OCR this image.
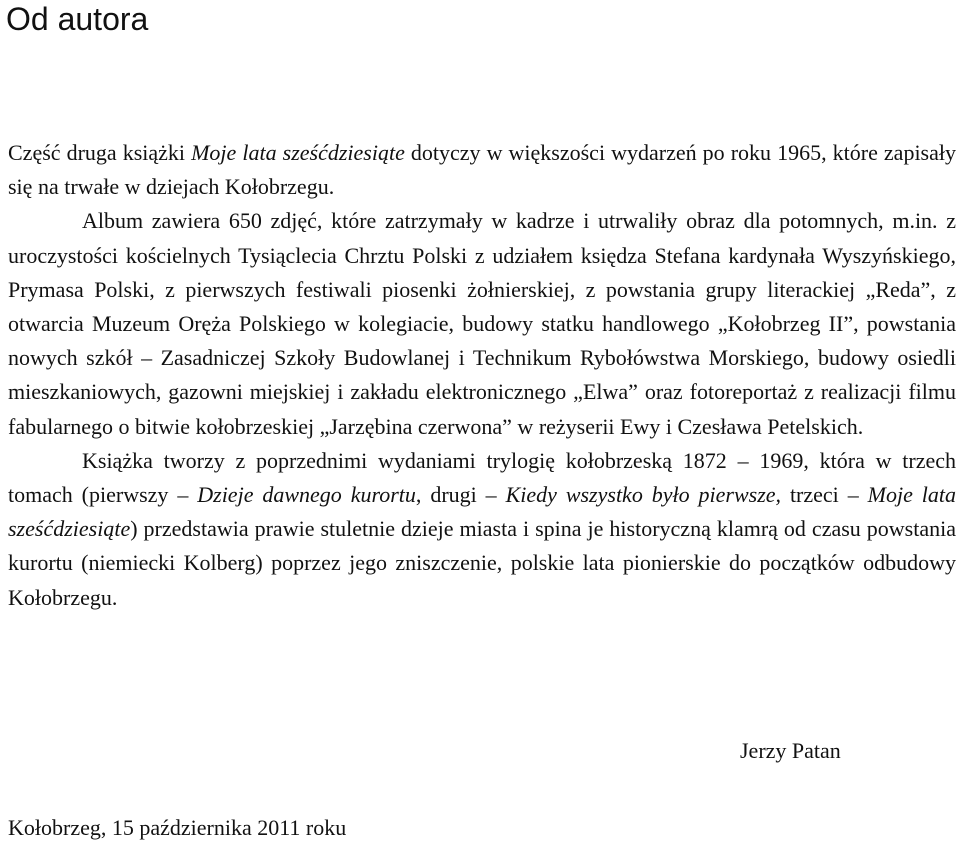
Od autora

Część druga książki Moje lata sześćdziesiąte dotyczy w większości wydarzeń po roku 1965, które zapisały się na trwałe w dziejach Kołobrzegu.

Album zawiera 650 zdjęć, które zatrzymały w kadrze i utrwaliły obraz dla potomnych, m.in. z uroczystości kościelnych Tysiąclecia Chrztu Polski z udziałem księdza Stefana kardynała Wyszyńskiego, Prymasa Polski, z pierwszych festiwali piosenki żołnierskiej, z powstania grupy literackiej „Reda”, z otwarcia Muzeum Oręża Polskiego w kolegiacie, budowy statku handlowego „Kołobrzeg II”, powstania nowych szkół – Zasadniczej Szkoły Budowlanej i Technikum Rybołówstwa Morskiego, budowy osiedli mieszkaniowych, gazowni miejskiej i zakładu elektronicznego „Elwa” oraz fotoreportaż z realizacji filmu fabularnego o bitwie kołobrzeskiej „Jarzębina czerwona” w reżyserii Ewy i Czesława Petelskich.

Książka tworzy z poprzednimi wydaniami trylogię kołobrzeską 1872 – 1969, która w trzech tomach (pierwszy – Dzieje dawnego kurortu, drugi – Kiedy wszystko było pierwsze, trzeci – Moje lata sześćdziesiąte) przedstawia prawie stuletnie dzieje miasta i spina je historyczną klamrą od czasu powstania kurortu (niemiecki Kolberg) poprzez jego zniszczenie, polskie lata pionierskie do początków odbudowy Kołobrzegu.

Jerzy Patan
Kołobrzeg, 15 października 2011 roku
